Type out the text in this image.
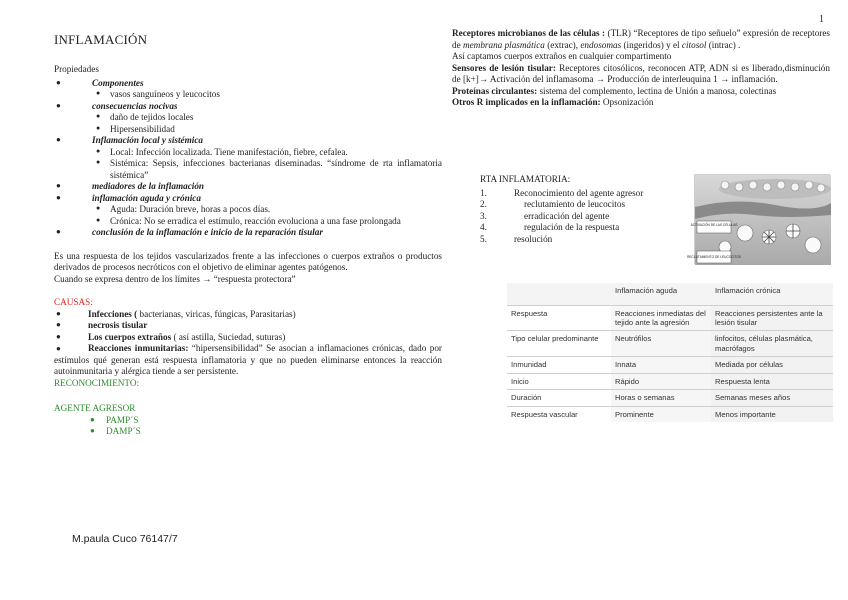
1
INFLAMACIÓN
Propiedades
●	Componentes
● vasos sanguíneos y leucocitos
●	consecuencias nocivas
● daño de tejidos locales
● Hipersensibilidad
●	Inflamación local y sistémica
● Local: Infección localizada. Tiene manifestación, fiebre, cefalea.
● Sistémica: Sepsis, infecciones bacterianas diseminadas. “síndrome de rta inflamatoria sistémica”
●	mediadores de la inflamación
●	inflamación aguda y crónica
● Aguda: Duración breve, horas a pocos días.
● Crónica: No se erradica el estímulo, reacción evoluciona a una fase prolongada
●	conclusión de la inflamación e inicio de la reparación tisular

Es una respuesta de los tejidos vascularizados frente a las infecciones o cuerpos extraños o productos derivados de procesos necróticos con el objetivo de eliminar agentes patógenos.

Cuando se expresa dentro de los límites → “respuesta protectora”

CAUSAS:

●	Infecciones ( bacterianas, víricas, fúngicas, Parasitarias)
●	necrosis tisular
●	Los cuerpos extraños ( así astilla, Suciedad, suturas)
●	Reacciones inmunitarias: “hipersensibilidad” Se asocian a inflamaciones crónicas, dado por estímulos qué generan está respuesta inflamatoria y que no pueden eliminarse entonces la reacción autoinmunitaria y alérgica tiende a ser persistente.

RECONOCIMIENTO:

AGENTE AGRESOR

● PAMP´S
● DAMP´S
M.paula Cuco 76147/7

Receptores microbianos de las células : (TLR) “Receptores de tipo señuelo” expresión de receptores de membrana plasmática (extrac), endosomas (ingeridos) y el citosol (intrac) .

Así captamos cuerpos extraños en cualquier compartimento

Sensores de lesión tisular: Receptores citosólicos, reconocen ATP, ADN si es liberado,disminución de [k+]→ Activación del inflamasoma → Producción de interleuquina 1 → inflamación.

Proteínas circulantes: sistema del complemento, lectina de Unión a manosa, colectinas

Otros R implicados en la inflamación: Opsonización

RTA INFLAMATORIA:

1.	Reconocimiento del agente agresor
2.	reclutamiento de leucocitos
3.	erradicación del agente
4.	regulación de la respuesta
5.	resolución
ACTIVACIÓN DE LAS CÉLULAS
RECLUTAMIENTO DE LEUCOCITOS
	Inflamación aguda	Inflamación crónica
Respuesta	Reacciones inmediatas del tejido ante la agresión	Reacciones persistentes ante la lesión tisular
Tipo celular predominante	Neutrófilos	linfocitos, células plasmática, macrófagos
Inmunidad	Innata	Mediada por células
Inicio	Rápido	Respuesta lenta
Duración	Horas o semanas	Semanas meses años
Respuesta vascular	Prominente	Menos importante
